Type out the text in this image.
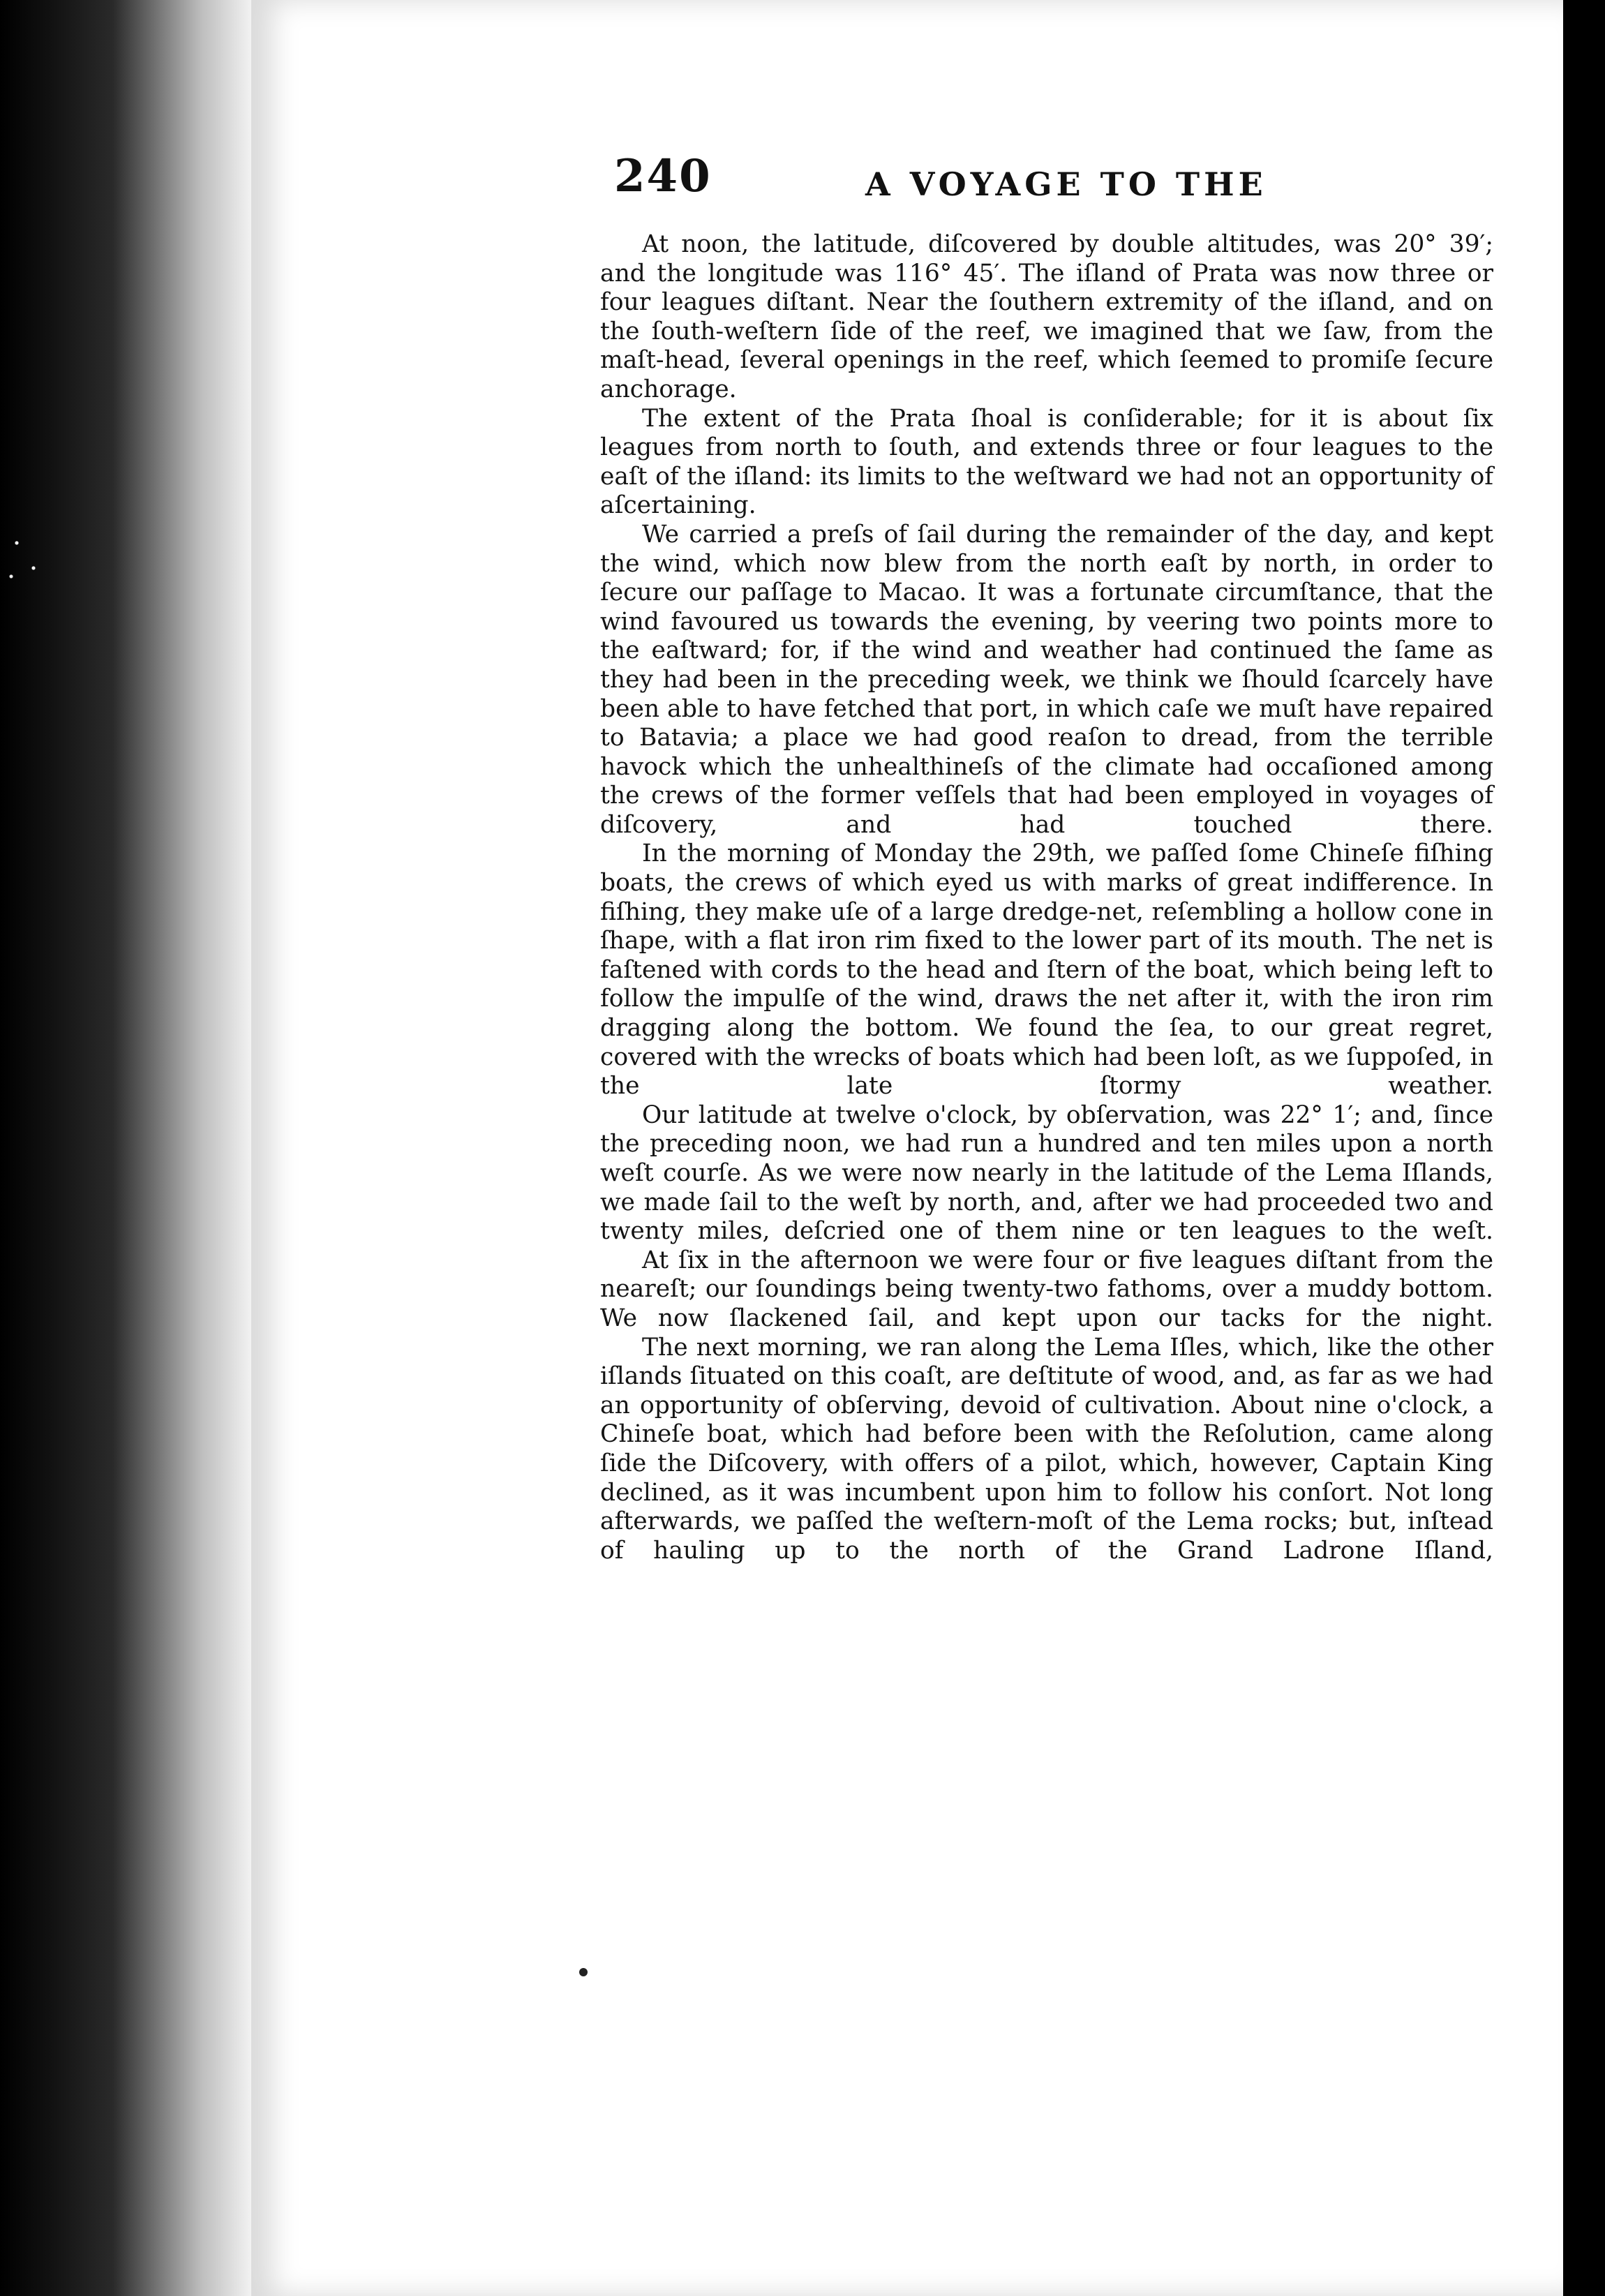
240	A VOYAGE TO THE

At noon, the latitude, diſcovered by double altitudes, was 20° 39′; and the longitude was 116° 45′. The iſland of Prata was now three or four leagues diſtant. Near the ſouthern extremity of the iſland, and on the ſouth-weſtern ſide of the reef, we imagined that we ſaw, from the maſt-head, ſeveral openings in the reef, which ſeemed to promiſe ſecure anchorage.

The extent of the Prata ſhoal is conſiderable; for it is about ſix leagues from north to ſouth, and extends three or four leagues to the eaſt of the iſland: its limits to the weſtward we had not an opportunity of aſcertaining.

We carried a preſs of ſail during the remainder of the day, and kept the wind, which now blew from the north eaſt by north, in order to ſecure our paſſage to Macao. It was a fortunate circumſtance, that the wind favoured us towards the evening, by veering two points more to the eaſtward; for, if the wind and weather had continued the ſame as they had been in the preceding week, we think we ſhould ſcarcely have been able to have fetched that port, in which caſe we muſt have repaired to Batavia; a place we had good reaſon to dread, from the terrible havock which the unhealthineſs of the climate had occaſioned among the crews of the former veſſels that had been employed in voyages of diſcovery, and had touched there.

In the morning of Monday the 29th, we paſſed ſome Chineſe fiſhing boats, the crews of which eyed us with marks of great indifference. In fiſhing, they make uſe of a large dredge-net, reſembling a hollow cone in ſhape, with a flat iron rim fixed to the lower part of its mouth. The net is faſtened with cords to the head and ſtern of the boat, which being left to follow the impulſe of the wind, draws the net after it, with the iron rim dragging along the bottom. We found the ſea, to our great regret, covered with the wrecks of boats which had been loſt, as we ſuppoſed, in the late ſtormy weather.

Our latitude at twelve o'clock, by obſervation, was 22° 1′; and, ſince the preceding noon, we had run a hundred and ten miles upon a north weſt courſe. As we were now nearly in the latitude of the Lema Iſlands, we made ſail to the weſt by north, and, after we had proceeded two and twenty miles, deſcried one of them nine or ten leagues to the weſt.

At ſix in the afternoon we were four or five leagues diſtant from the neareſt; our ſoundings being twenty-two fathoms, over a muddy bottom. We now ſlackened ſail, and kept upon our tacks for the night.

The next morning, we ran along the Lema Iſles, which, like the other iſlands ſituated on this coaſt, are deſtitute of wood, and, as far as we had an opportunity of obſerving, devoid of cultivation. About nine o'clock, a Chineſe boat, which had before been with the Reſolution, came along ſide the Diſcovery, with offers of a pilot, which, however, Captain King declined, as it was incumbent upon him to follow his conſort. Not long afterwards, we paſſed the weſtern-moſt of the Lema rocks; but, inſtead of hauling up to the north of the Grand Ladrone Iſland,
